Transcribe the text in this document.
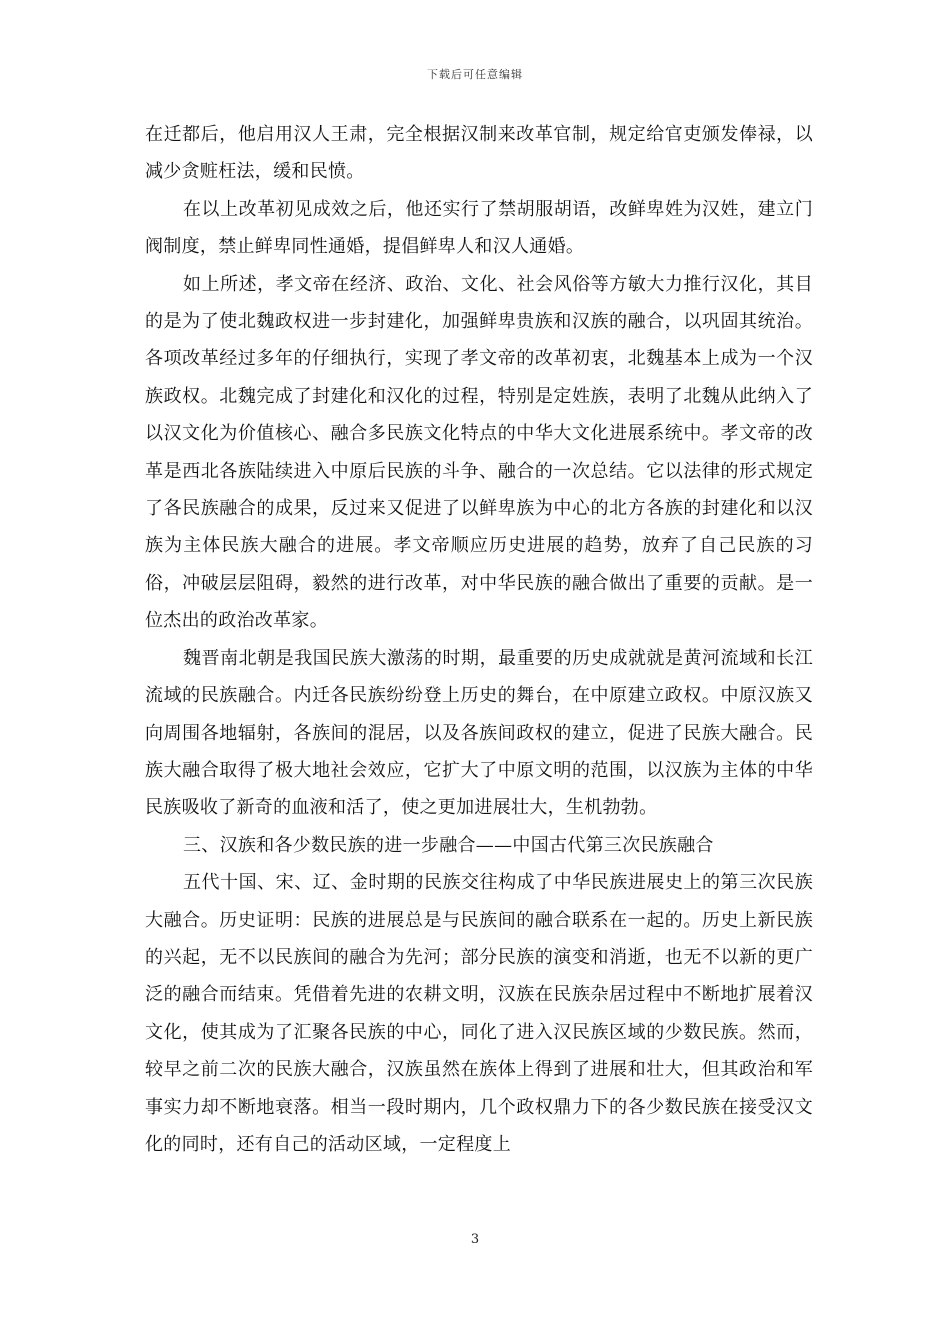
下载后可任意编辑

在迁都后，他启用汉人王肃，完全根据汉制来改革官制，规定给官吏颁发俸禄，以减少贪赃枉法，缓和民愤。

在以上改革初见成效之后，他还实行了禁胡服胡语，改鲜卑姓为汉姓，建立门阀制度，禁止鲜卑同性通婚，提倡鲜卑人和汉人通婚。

如上所述，孝文帝在经济、政治、文化、社会风俗等方敏大力推行汉化，其目的是为了使北魏政权进一步封建化，加强鲜卑贵族和汉族的融合，以巩固其统治。各项改革经过多年的仔细执行，实现了孝文帝的改革初衷，北魏基本上成为一个汉族政权。北魏完成了封建化和汉化的过程，特别是定姓族，表明了北魏从此纳入了以汉文化为价值核心、融合多民族文化特点的中华大文化进展系统中。孝文帝的改革是西北各族陆续进入中原后民族的斗争、融合的一次总结。它以法律的形式规定了各民族融合的成果，反过来又促进了以鲜卑族为中心的北方各族的封建化和以汉族为主体民族大融合的进展。孝文帝顺应历史进展的趋势，放弃了自己民族的习俗，冲破层层阻碍，毅然的进行改革，对中华民族的融合做出了重要的贡献。是一位杰出的政治改革家。

魏晋南北朝是我国民族大激荡的时期，最重要的历史成就就是黄河流域和长江流域的民族融合。内迁各民族纷纷登上历史的舞台，在中原建立政权。中原汉族又向周围各地辐射，各族间的混居，以及各族间政权的建立，促进了民族大融合。民族大融合取得了极大地社会效应，它扩大了中原文明的范围，以汉族为主体的中华民族吸收了新奇的血液和活了，使之更加进展壮大，生机勃勃。

三、汉族和各少数民族的进一步融合——中国古代第三次民族融合

五代十国、宋、辽、金时期的民族交往构成了中华民族进展史上的第三次民族大融合。历史证明：民族的进展总是与民族间的融合联系在一起的。历史上新民族的兴起，无不以民族间的融合为先河；部分民族的演变和消逝，也无不以新的更广泛的融合而结束。凭借着先进的农耕文明，汉族在民族杂居过程中不断地扩展着汉文化，使其成为了汇聚各民族的中心，同化了进入汉民族区域的少数民族。然而，较早之前二次的民族大融合，汉族虽然在族体上得到了进展和壮大，但其政治和军事实力却不断地衰落。相当一段时期内，几个政权鼎力下的各少数民族在接受汉文化的同时，还有自己的活动区域，一定程度上

3
